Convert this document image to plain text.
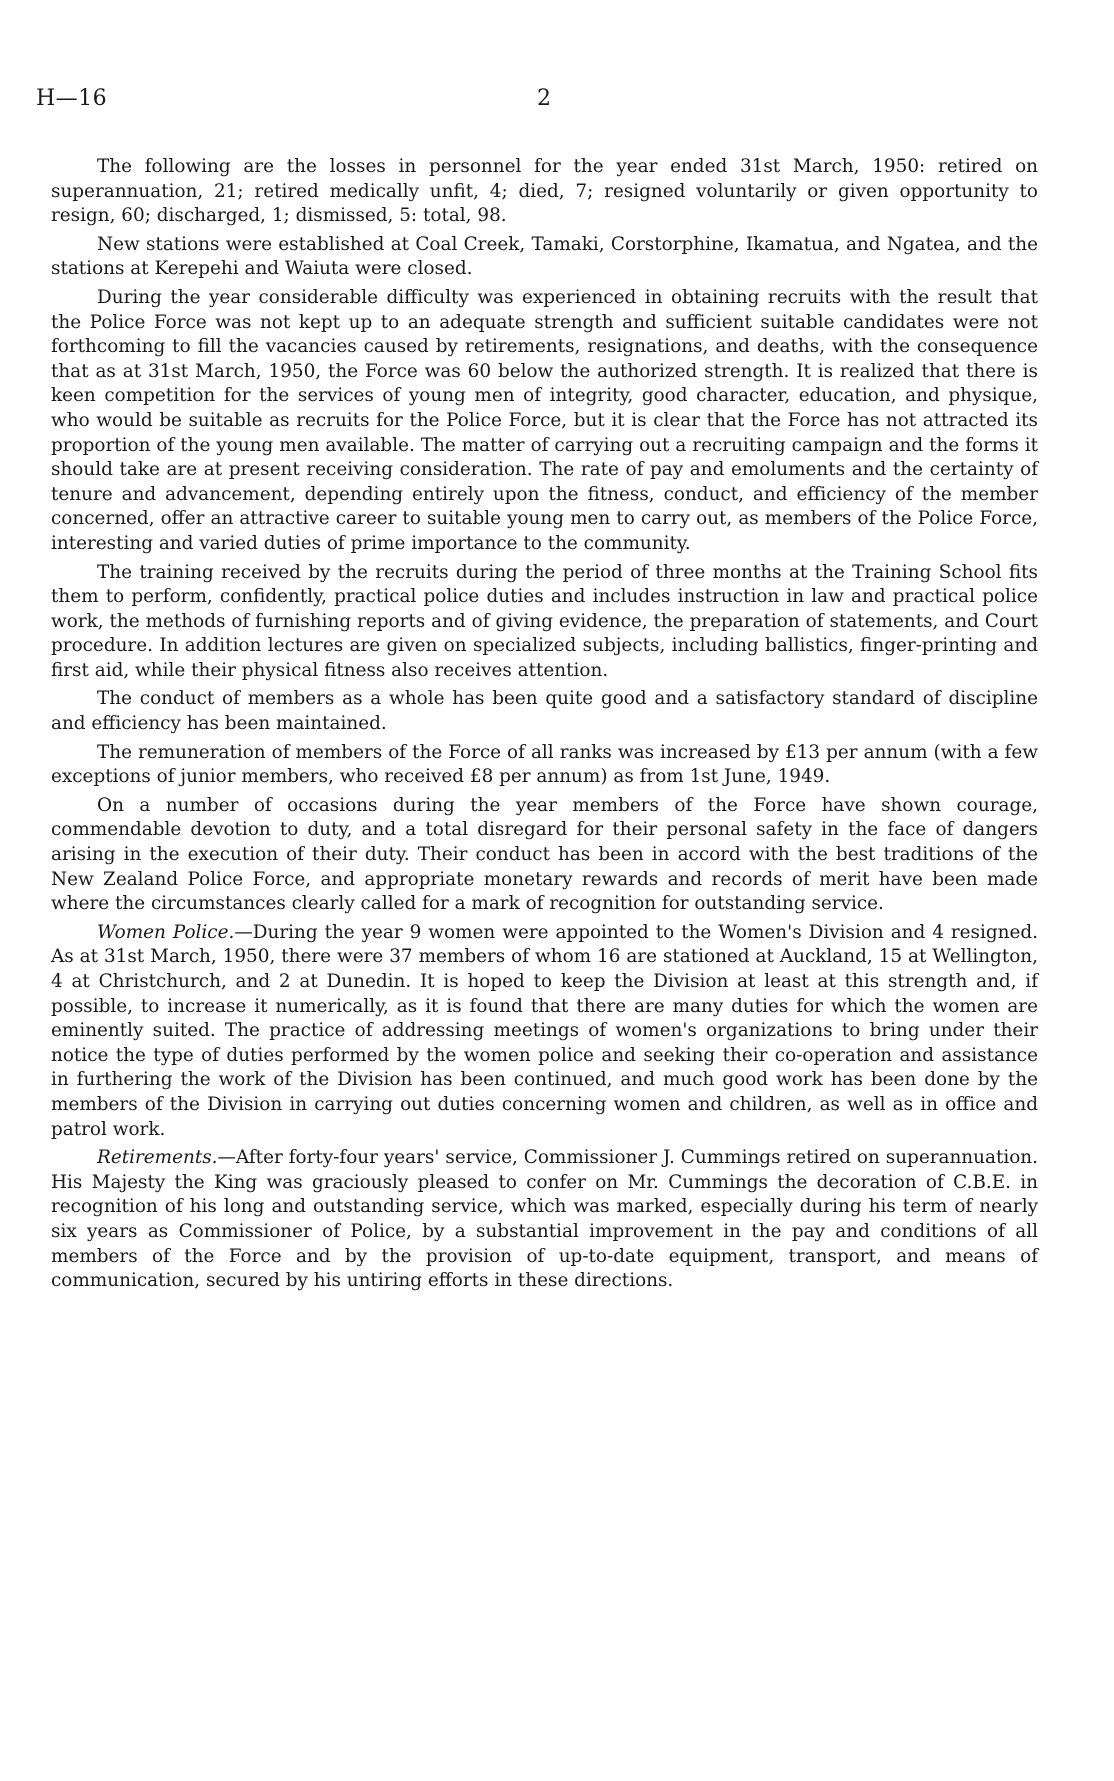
H—16	2

The following are the losses in personnel for the year ended 31st March, 1950: retired on superannuation, 21; retired medically unfit, 4; died, 7; resigned voluntarily or given opportunity to resign, 60; discharged, 1; dismissed, 5: total, 98.

New stations were established at Coal Creek, Tamaki, Corstorphine, Ikamatua, and Ngatea, and the stations at Kerepehi and Waiuta were closed.

During the year considerable difficulty was experienced in obtaining recruits with the result that the Police Force was not kept up to an adequate strength and sufficient suitable candidates were not forthcoming to fill the vacancies caused by retirements, resignations, and deaths, with the consequence that as at 31st March, 1950, the Force was 60 below the authorized strength. It is realized that there is keen competition for the services of young men of integrity, good character, education, and physique, who would be suitable as recruits for the Police Force, but it is clear that the Force has not attracted its proportion of the young men available. The matter of carrying out a recruiting campaign and the forms it should take are at present receiving consideration. The rate of pay and emoluments and the certainty of tenure and advancement, depending entirely upon the fitness, conduct, and efficiency of the member concerned, offer an attractive career to suitable young men to carry out, as members of the Police Force, interesting and varied duties of prime importance to the community.

The training received by the recruits during the period of three months at the Training School fits them to perform, confidently, practical police duties and includes instruction in law and practical police work, the methods of furnishing reports and of giving evidence, the preparation of statements, and Court procedure. In addition lectures are given on specialized subjects, including ballistics, finger-printing and first aid, while their physical fitness also receives attention.

The conduct of members as a whole has been quite good and a satisfactory standard of discipline and efficiency has been maintained.

The remuneration of members of the Force of all ranks was increased by £13 per annum (with a few exceptions of junior members, who received £8 per annum) as from 1st June, 1949.

On a number of occasions during the year members of the Force have shown courage, commendable devotion to duty, and a total disregard for their personal safety in the face of dangers arising in the execution of their duty. Their conduct has been in accord with the best traditions of the New Zealand Police Force, and appropriate monetary rewards and records of merit have been made where the circumstances clearly called for a mark of recognition for outstanding service.

Women Police.—During the year 9 women were appointed to the Women's Division and 4 resigned. As at 31st March, 1950, there were 37 members of whom 16 are stationed at Auckland, 15 at Wellington, 4 at Christchurch, and 2 at Dunedin. It is hoped to keep the Division at least at this strength and, if possible, to increase it numerically, as it is found that there are many duties for which the women are eminently suited. The practice of addressing meetings of women's organizations to bring under their notice the type of duties performed by the women police and seeking their co-operation and assistance in furthering the work of the Division has been continued, and much good work has been done by the members of the Division in carrying out duties concerning women and children, as well as in office and patrol work.

Retirements.—After forty-four years' service, Commissioner J. Cummings retired on superannuation. His Majesty the King was graciously pleased to confer on Mr. Cummings the decoration of C.B.E. in recognition of his long and outstanding service, which was marked, especially during his term of nearly six years as Commissioner of Police, by a substantial improvement in the pay and conditions of all members of the Force and by the provision of up-to-date equipment, transport, and means of communication, secured by his untiring efforts in these directions.
